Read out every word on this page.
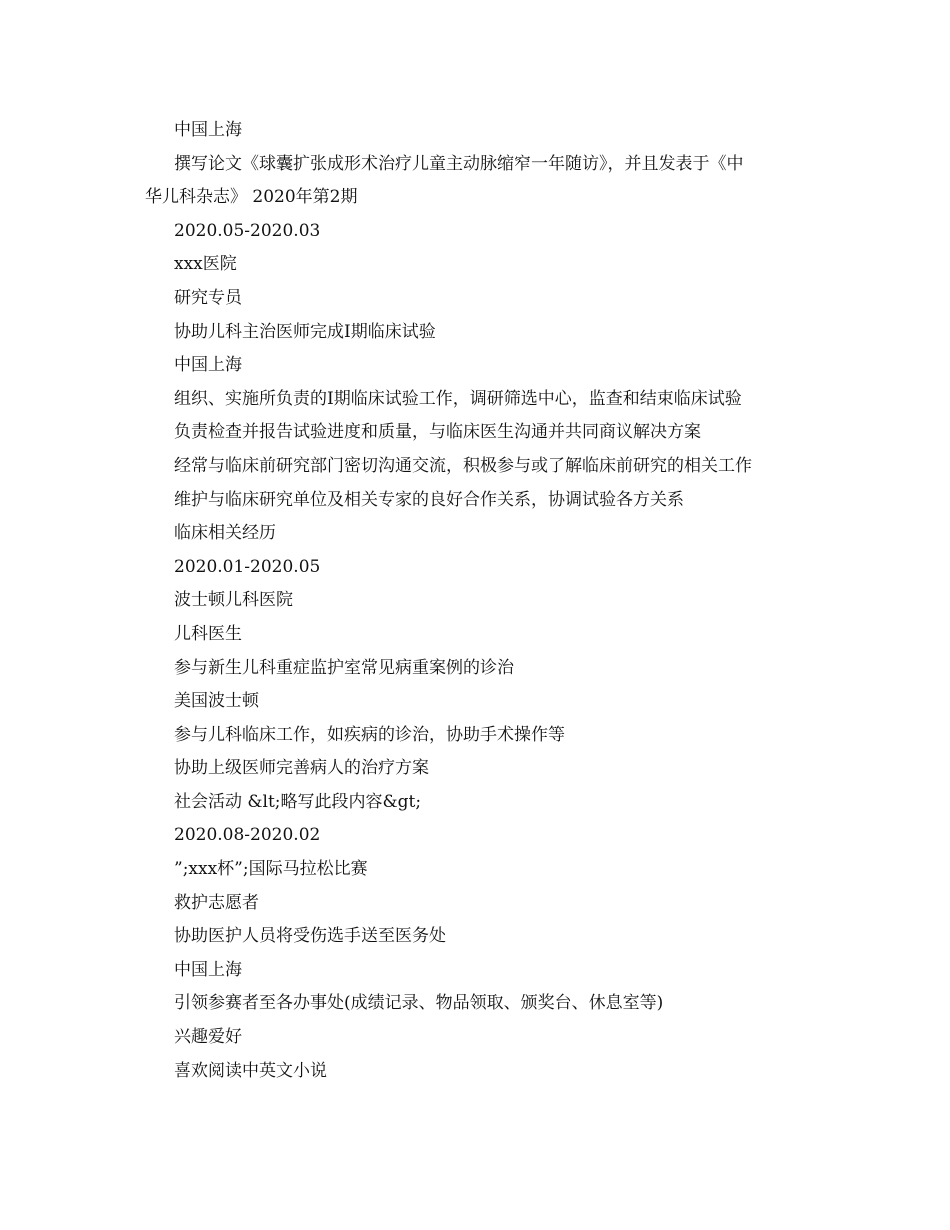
中国上海
撰写论文《球囊扩张成形术治疗儿童主动脉缩窄一年随访》，并且发表于《中
华儿科杂志》 2020年第2期
2020.05-2020.03
xxx医院
研究专员
协助儿科主治医师完成Ⅰ期临床试验
中国上海
组织、实施所负责的Ⅰ期临床试验工作，调研筛选中心，监查和结束临床试验
负责检查并报告试验进度和质量，与临床医生沟通并共同商议解决方案
经常与临床前研究部门密切沟通交流，积极参与或了解临床前研究的相关工作
维护与临床研究单位及相关专家的良好合作关系，协调试验各方关系
临床相关经历
2020.01-2020.05
波士顿儿科医院
儿科医生
参与新生儿科重症监护室常见病重案例的诊治
美国波士顿
参与儿科临床工作，如疾病的诊治，协助手术操作等
协助上级医师完善病人的治疗方案
社会活动 &lt;略写此段内容&gt;
2020.08-2020.02
”;xxx杯”;国际马拉松比赛
救护志愿者
协助医护人员将受伤选手送至医务处
中国上海
引领参赛者至各办事处(成绩记录、物品领取、颁奖台、休息室等)
兴趣爱好
喜欢阅读中英文小说
